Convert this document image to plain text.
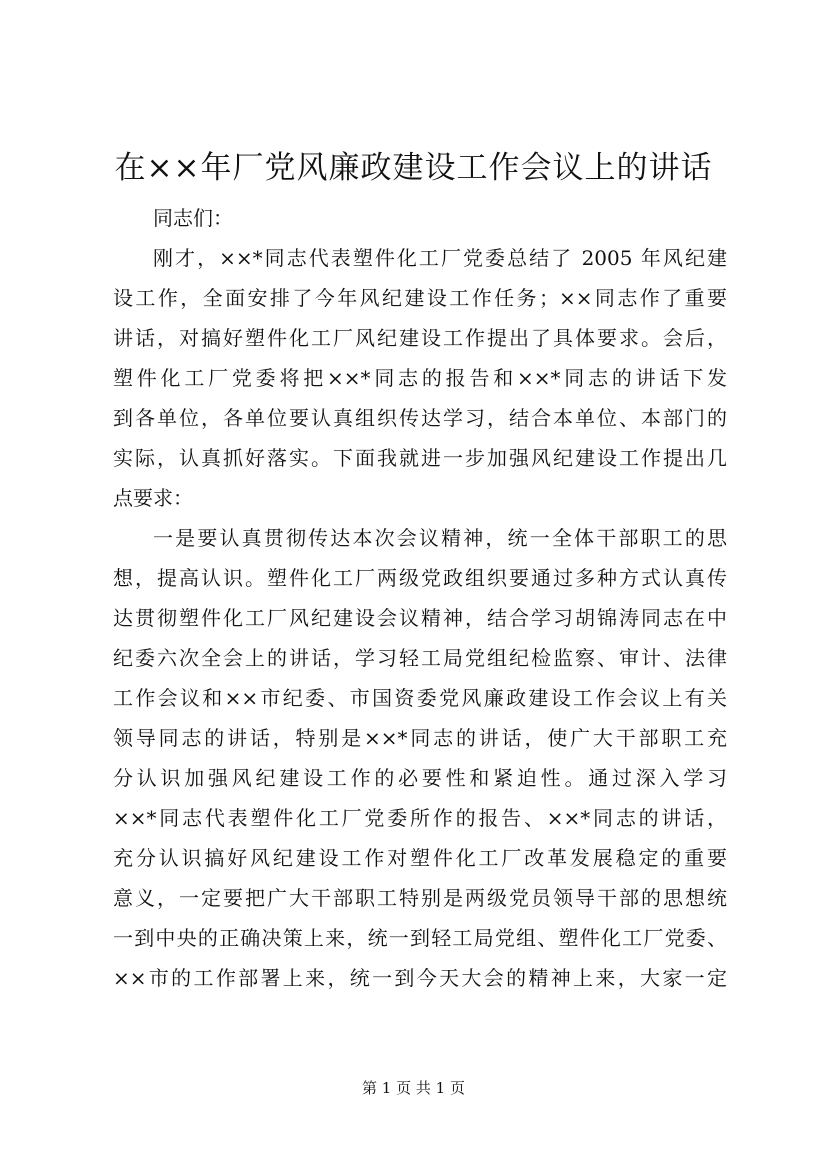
在××年厂党风廉政建设工作会议上的讲话
同志们：
刚才，××*同志代表塑件化工厂党委总结了 2005 年风纪建
设工作，全面安排了今年风纪建设工作任务；××同志作了重要
讲话，对搞好塑件化工厂风纪建设工作提出了具体要求。会后，
塑件化工厂党委将把××*同志的报告和××*同志的讲话下发
到各单位，各单位要认真组织传达学习，结合本单位、本部门的
实际，认真抓好落实。下面我就进一步加强风纪建设工作提出几
点要求：
一是要认真贯彻传达本次会议精神，统一全体干部职工的思
想，提高认识。塑件化工厂两级党政组织要通过多种方式认真传
达贯彻塑件化工厂风纪建设会议精神，结合学习胡锦涛同志在中
纪委六次全会上的讲话，学习轻工局党组纪检监察、审计、法律
工作会议和××市纪委、市国资委党风廉政建设工作会议上有关
领导同志的讲话，特别是××*同志的讲话，使广大干部职工充
分认识加强风纪建设工作的必要性和紧迫性。通过深入学习
××*同志代表塑件化工厂党委所作的报告、××*同志的讲话，
充分认识搞好风纪建设工作对塑件化工厂改革发展稳定的重要
意义，一定要把广大干部职工特别是两级党员领导干部的思想统
一到中央的正确决策上来，统一到轻工局党组、塑件化工厂党委、
××市的工作部署上来，统一到今天大会的精神上来，大家一定
第 1 页 共 1 页
